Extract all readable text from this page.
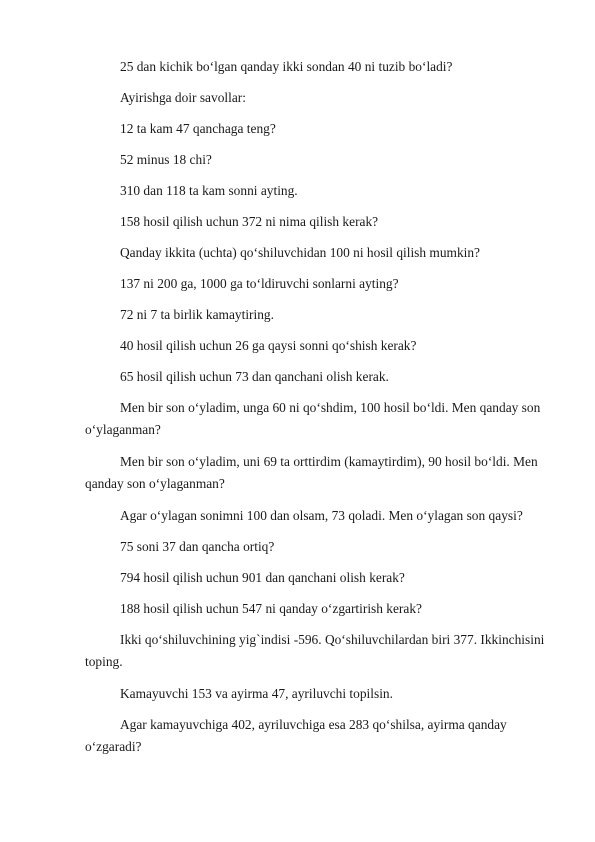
25 dan kichik bo‘lgan qanday ikki sondan 40 ni tuzib bo‘ladi?

Ayirishga doir savollar:

12 ta kam 47 qanchaga teng?

52 minus 18 chi?

310 dan 118 ta kam sonni ayting.

158 hosil qilish uchun 372 ni nima qilish kerak?

Qanday ikkita (uchta) qo‘shiluvchidan 100 ni hosil qilish mumkin?

137 ni 200 ga, 1000 ga to‘ldiruvchi sonlarni ayting?

72 ni 7 ta birlik kamaytiring.

40 hosil qilish uchun 26 ga qaysi sonni qo‘shish kerak?

65 hosil qilish uchun 73 dan qanchani olish kerak.

Men bir son o‘yladim, unga 60 ni qo‘shdim, 100 hosil bo‘ldi. Men qanday son o‘ylaganman?

Men bir son o‘yladim, uni 69 ta orttirdim (kamaytirdim), 90 hosil bo‘ldi. Men qanday son o‘ylaganman?

Agar o‘ylagan sonimni 100 dan olsam, 73 qoladi. Men o‘ylagan son qaysi?

75 soni 37 dan qancha ortiq?

794 hosil qilish uchun 901 dan qanchani olish kerak?

188 hosil qilish uchun 547 ni qanday o‘zgartirish kerak?

Ikki qo‘shiluvchining yig`indisi -596. Qo‘shiluvchilardan biri 377. Ikkinchisini toping.

Kamayuvchi 153 va ayirma 47, ayriluvchi topilsin.

Agar kamayuvchiga 402, ayriluvchiga esa 283 qo‘shilsa, ayirma qanday o‘zgaradi?
